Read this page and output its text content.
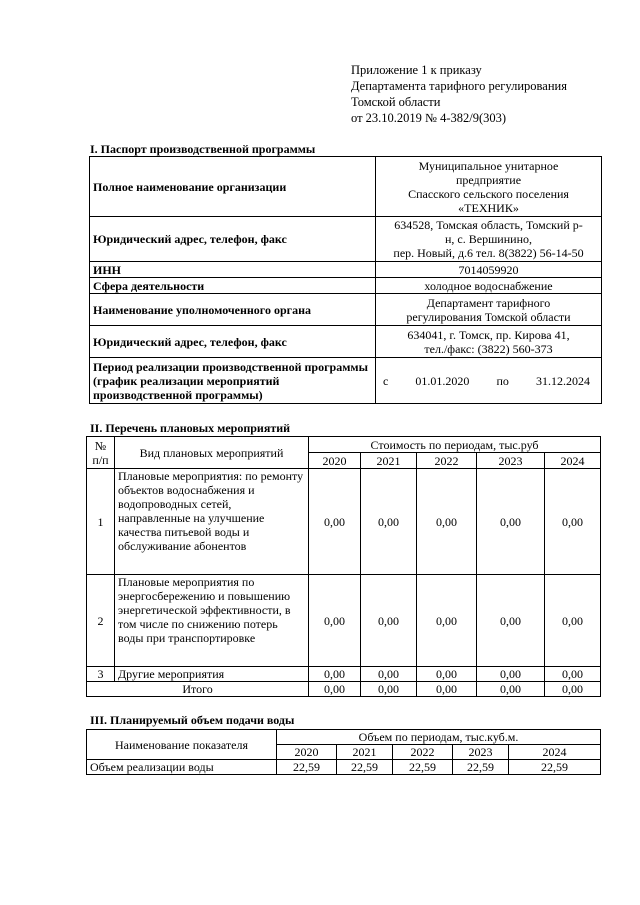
Приложение 1 к приказу
Департамента тарифного регулирования
Томской области
от 23.10.2019 № 4-382/9(303)
I. Паспорт производственной программы
Полное наименование организации	Муниципальное унитарное
предприятие
Спасского сельского поселения
«ТЕХНИК»

Юридический адрес, телефон, факс	634528, Томская область, Томский р-
н, с. Вершинино,
пер. Новый, д.6 тел. 8(3822) 56-14-50

ИНН	7014059920
Сфера деятельности	холодное водоснабжение
Наименование уполномоченного органа	Департамент тарифного
регулирования Томской области

Юридический адрес, телефон, факс	634041, г. Томск, пр. Кирова 41,
тел./факс: (3822) 560-373

Период реализации производственной программы (график реализации мероприятий производственной программы)	с 01.01.2020 по 31.12.2024
II. Перечень плановых мероприятий
№ п/п	Вид плановых мероприятий	Стоимость по периодам, тыс.руб				
		2020	2021	2022	2023	2024
1	Плановые мероприятия: по ремонту объектов водоснабжения и водопроводных сетей, направленные на улучшение качества питьевой воды и обслуживание абонентов	0,00	0,00	0,00	0,00	0,00
2	Плановые мероприятия по энергосбережению и повышению энергетической эффективности, в том числе по снижению потерь воды при транспортировке	0,00	0,00	0,00	0,00	0,00
3	Другие мероприятия	0,00	0,00	0,00	0,00	0,00
Итого		0,00	0,00	0,00	0,00	0,00
III. Планируемый объем подачи воды
Наименование показателя	Объем по периодам, тыс.куб.м.				
	2020	2021	2022	2023	2024
Объем реализации воды	22,59	22,59	22,59	22,59	22,59
